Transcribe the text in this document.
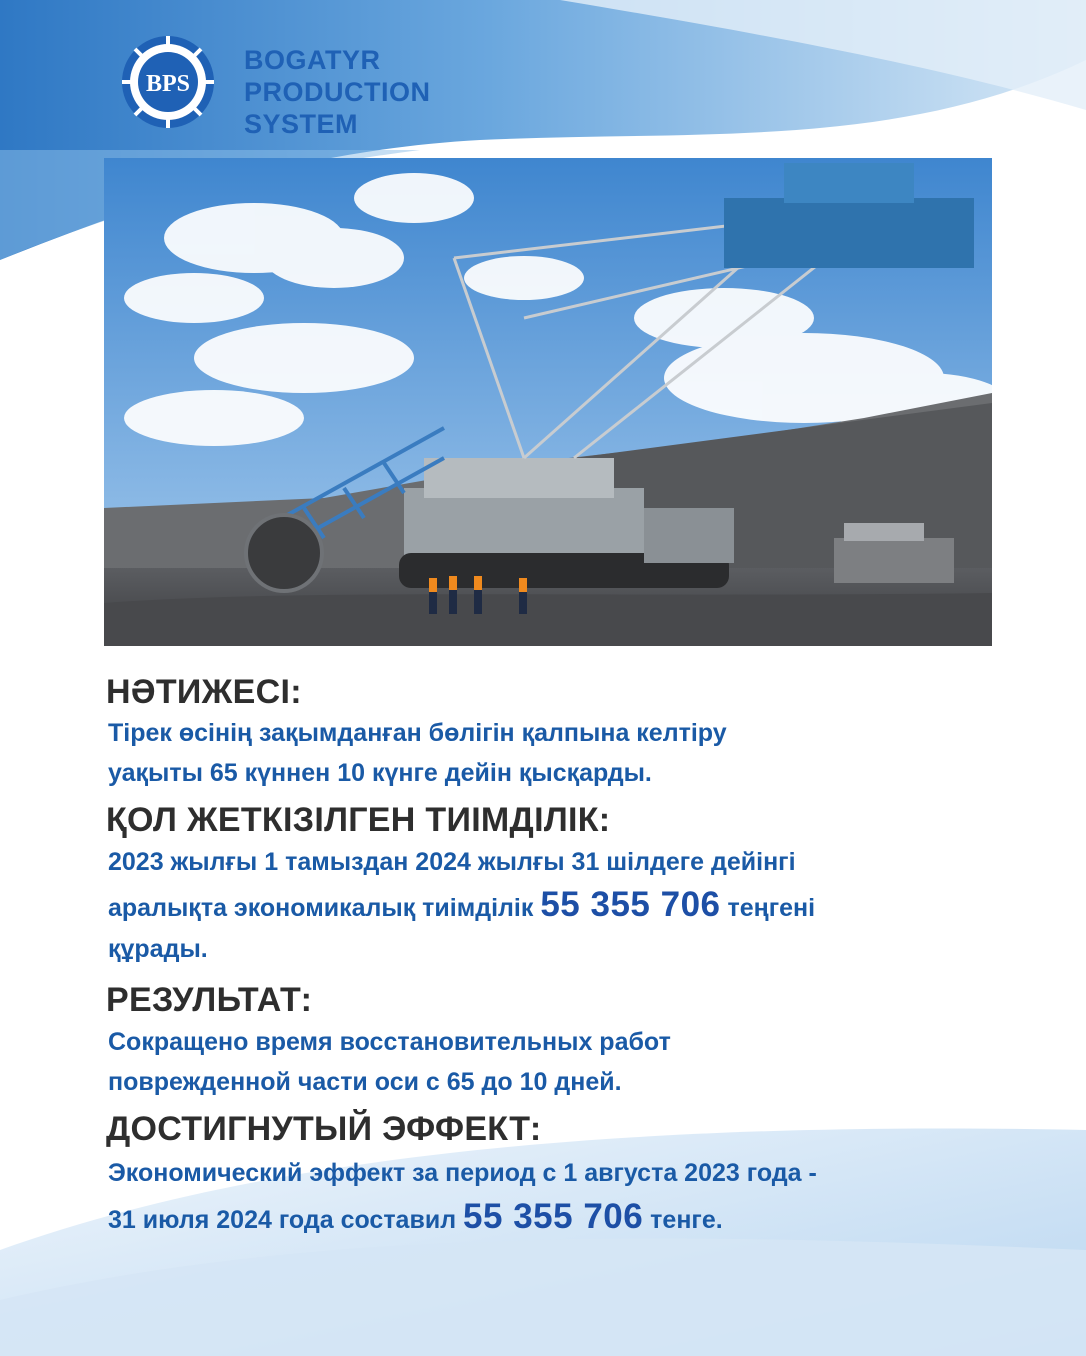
BPS
BOGATYR
PRODUCTION
SYSTEM
НӘТИЖЕСІ:
Тірек өсінің зақымданған бөлігін қалпына келтіру
уақыты 65 күннен 10 күнге дейін қысқарды.
ҚОЛ ЖЕТКІЗІЛГЕН ТИІМДІЛІК:
2023 жылғы 1 тамыздан 2024 жылғы 31 шілдеге дейінгі
аралықта экономикалық тиімділік 55 355 706 теңгені
құрады.
РЕЗУЛЬТАТ:
Сокращено время восстановительных работ
поврежденной части оси с 65 до 10 дней.
ДОСТИГНУТЫЙ ЭФФЕКТ:
Экономический эффект за период с 1 августа 2023 года -
31 июля 2024 года составил 55 355 706 тенге.
